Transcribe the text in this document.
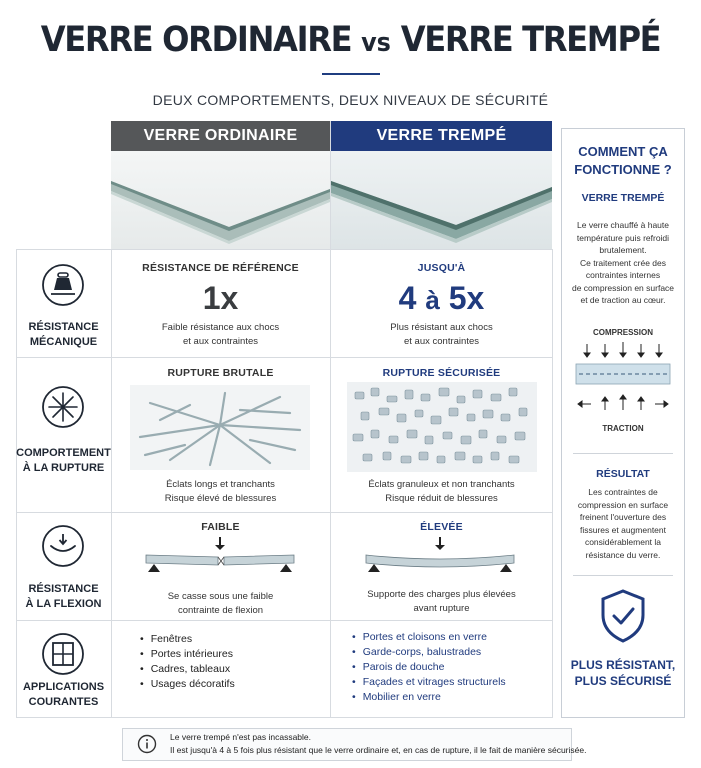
VERRE ORDINAIRE vs VERRE TREMPÉ
DEUX COMPORTEMENTS, DEUX NIVEAUX DE SÉCURITÉ
VERRE ORDINAIRE	VERRE TREMPÉ
RÉSISTANCE
MÉCANIQUE
RÉSISTANCE DE RÉFÉRENCE
1x
Faible résistance aux chocs
et aux contraintes
JUSQU'À
4 à 5x
Plus résistant aux chocs
et aux contraintes
COMPORTEMENT
À LA RUPTURE
RUPTURE BRUTALE
Éclats longs et tranchants
Risque élevé de blessures
RUPTURE SÉCURISÉE
Éclats granuleux et non tranchants
Risque réduit de blessures
RÉSISTANCE
À LA FLEXION
FAIBLE
Se casse sous une faible
contrainte de flexion
ÉLEVÉE
Supporte des charges plus élevées
avant rupture
APPLICATIONS
COURANTES
• Fenêtres
• Portes intérieures
• Cadres, tableaux
• Usages décoratifs
• Portes et cloisons en verre
• Garde-corps, balustrades
• Parois de douche
• Façades et vitrages structurels
• Mobilier en verre
COMMENT ÇA
FONCTIONNE ?
VERRE TREMPÉ
Le verre chauffé à haute
température puis refroidi
brutalement.
Ce traitement crée des
contraintes internes
de compression en surface
et de traction au cœur.
COMPRESSION
TRACTION
RÉSULTAT
Les contraintes de
compression en surface
freinent l'ouverture des
fissures et augmentent
considérablement la
résistance du verre.
PLUS RÉSISTANT,
PLUS SÉCURISÉ
Le verre trempé n'est pas incassable.
Il est jusqu'à 4 à 5 fois plus résistant que le verre ordinaire et, en cas de rupture, il le fait de manière sécurisée.
